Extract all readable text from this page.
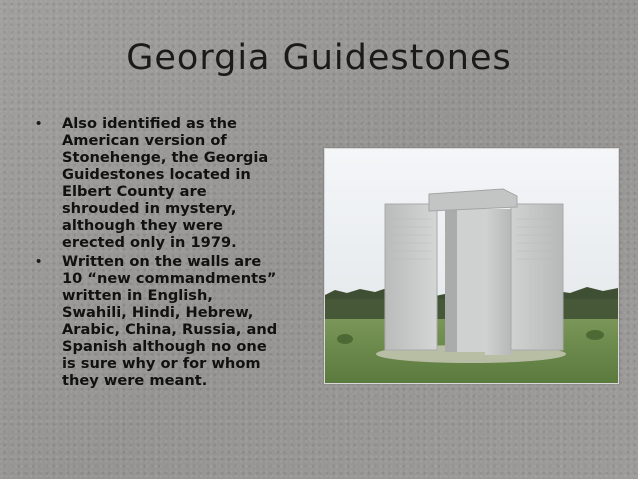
Georgia Guidestones
• Also identified as the
American version of
Stonehenge, the Georgia
Guidestones located in
Elbert County are
shrouded in mystery,
although they were
erected only in 1979.
• Written on the walls are
10 “new commandments”
written in English,
Swahili, Hindi, Hebrew,
Arabic, China, Russia, and
Spanish although no one
is sure why or for whom
they were meant.
